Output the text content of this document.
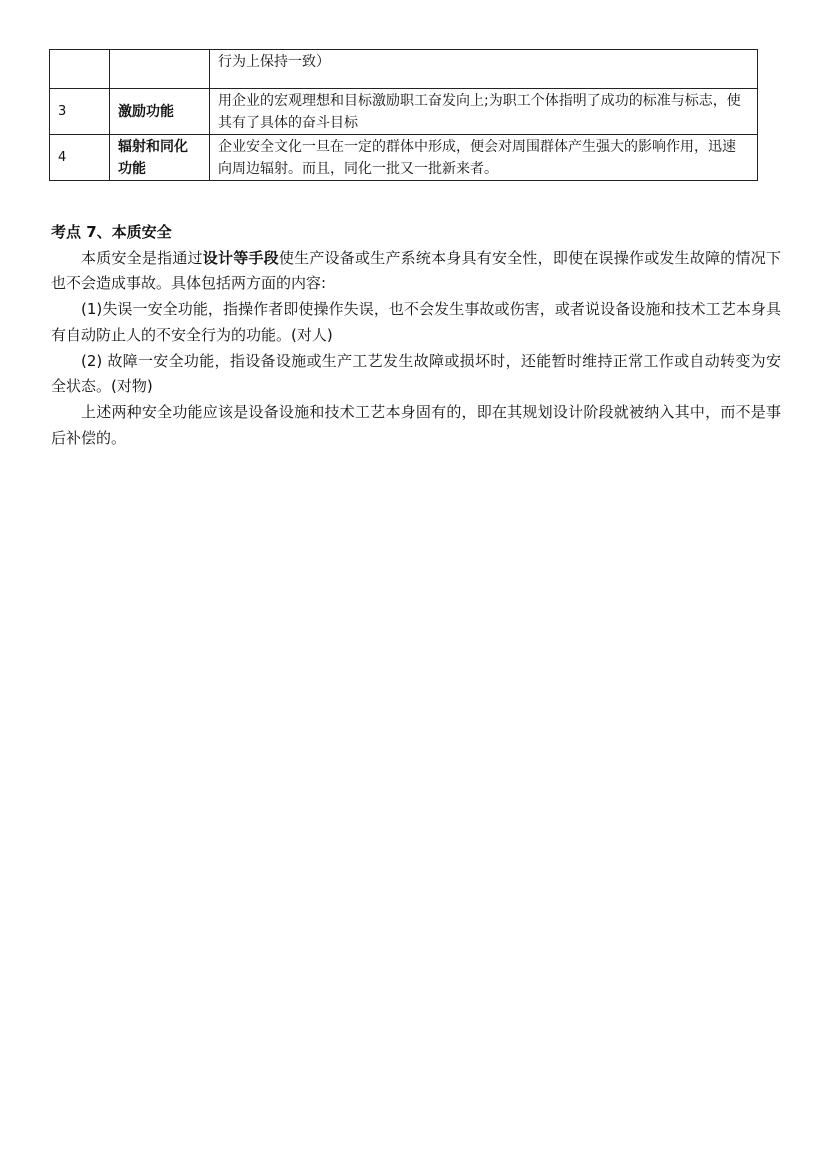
		行为上保持一致）
3	激励功能	用企业的宏观理想和目标激励职工奋发向上;为职工个体指明了成功的标准与标志，使其有了具体的奋斗目标
4	辐射和同化功能	企业安全文化一旦在一定的群体中形成，便会对周围群体产生强大的影响作用，迅速向周边辐射。而且，同化一批又一批新来者。
考点 7、本质安全

本质安全是指通过设计等手段使生产设备或生产系统本身具有安全性，即使在误操作或发生故障的情况下也不会造成事故。具体包括两方面的内容:

(1)失误一安全功能，指操作者即使操作失误，也不会发生事故或伤害，或者说设备设施和技术工艺本身具有自动防止人的不安全行为的功能。(对人)

(2) 故障一安全功能，指设备设施或生产工艺发生故障或损坏时，还能暂时维持正常工作或自动转变为安全状态。(对物)

上述两种安全功能应该是设备设施和技术工艺本身固有的，即在其规划设计阶段就被纳入其中，而不是事后补偿的。
